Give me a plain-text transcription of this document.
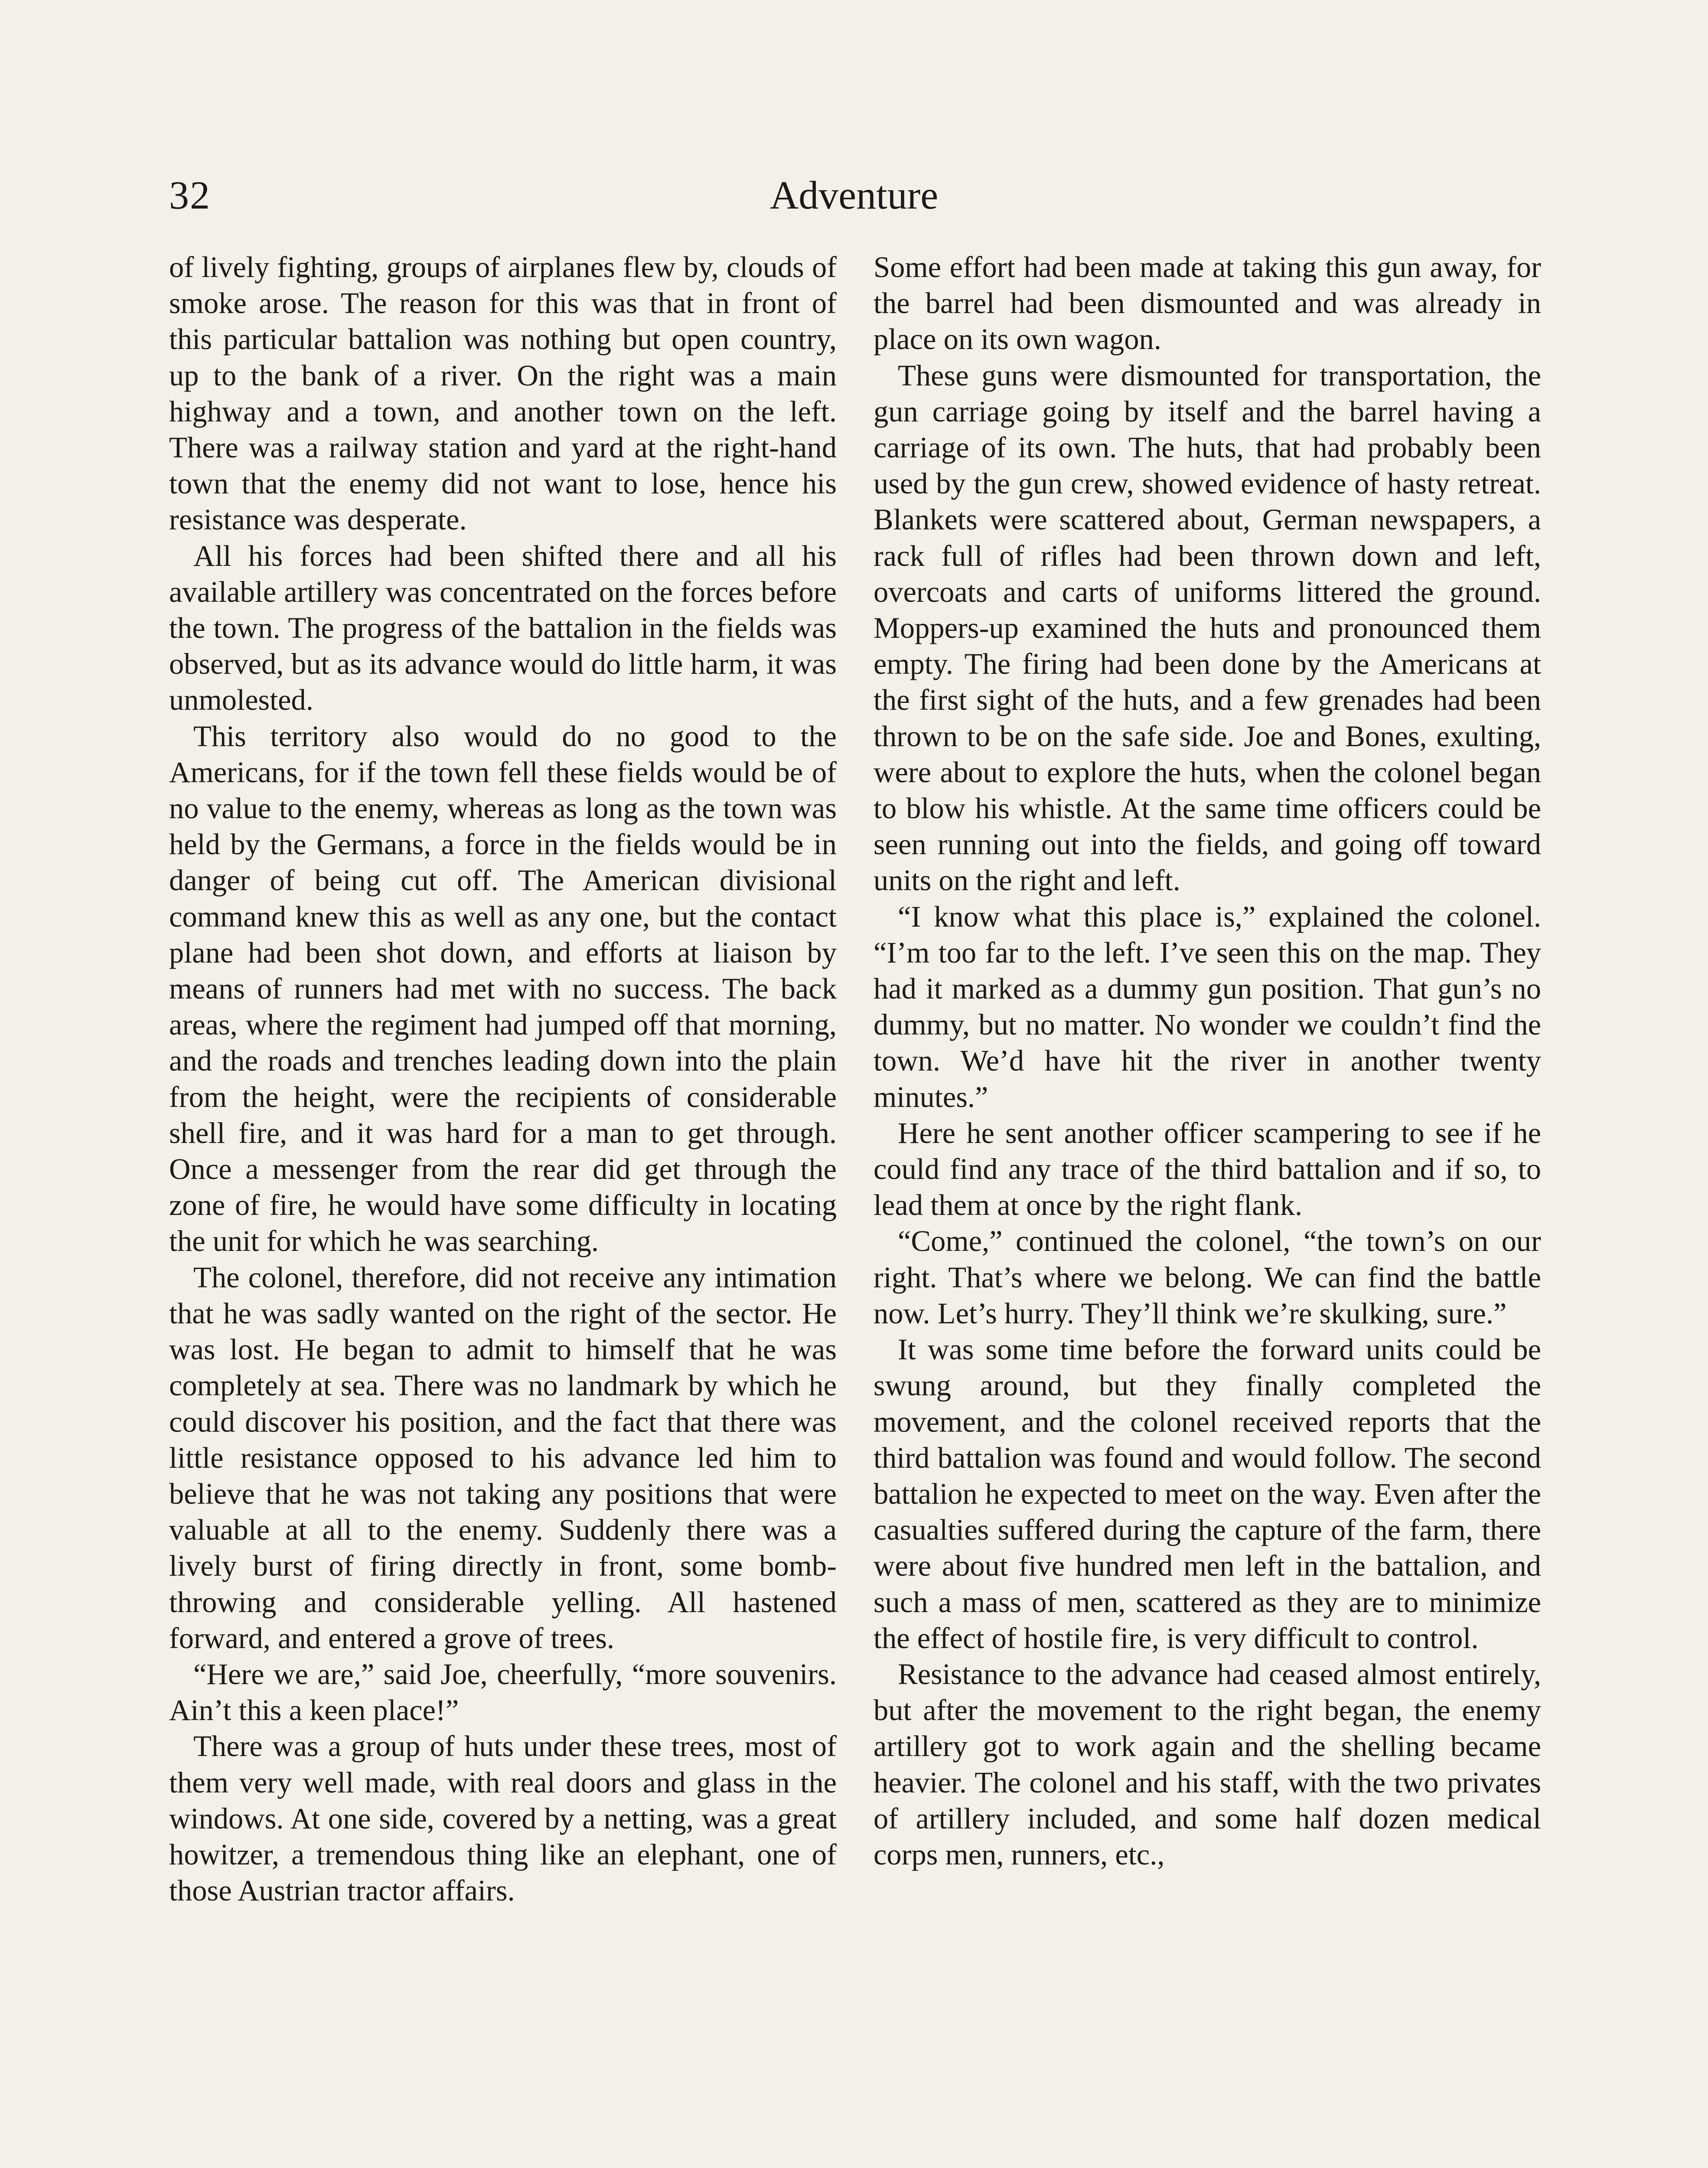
32	Adventure

of lively fighting, groups of airplanes flew by, clouds of smoke arose. The reason for this was that in front of this particular battalion was nothing but open country, up to the bank of a river. On the right was a main highway and a town, and another town on the left. There was a railway station and yard at the right-hand town that the enemy did not want to lose, hence his resistance was desperate.

All his forces had been shifted there and all his available artillery was concentrated on the forces before the town. The progress of the battalion in the fields was observed, but as its advance would do little harm, it was unmolested.

This territory also would do no good to the Americans, for if the town fell these fields would be of no value to the enemy, whereas as long as the town was held by the Germans, a force in the fields would be in danger of being cut off. The American divisional command knew this as well as any one, but the contact plane had been shot down, and efforts at liaison by means of runners had met with no success. The back areas, where the regiment had jumped off that morning, and the roads and trenches leading down into the plain from the height, were the recipients of considerable shell fire, and it was hard for a man to get through. Once a messenger from the rear did get through the zone of fire, he would have some difficulty in locating the unit for which he was searching.

The colonel, therefore, did not receive any intimation that he was sadly wanted on the right of the sector. He was lost. He began to admit to himself that he was completely at sea. There was no landmark by which he could discover his position, and the fact that there was little resistance opposed to his advance led him to believe that he was not taking any positions that were valuable at all to the enemy. Suddenly there was a lively burst of firing directly in front, some bomb-throwing and considerable yelling. All hastened forward, and entered a grove of trees.

“Here we are,” said Joe, cheerfully, “more souvenirs. Ain’t this a keen place!”

There was a group of huts under these trees, most of them very well made, with real doors and glass in the windows. At one side, covered by a netting, was a great howitzer, a tremendous thing like an elephant, one of those Austrian tractor affairs.

Some effort had been made at taking this gun away, for the barrel had been dismounted and was already in place on its own wagon.

These guns were dismounted for transportation, the gun carriage going by itself and the barrel having a carriage of its own. The huts, that had probably been used by the gun crew, showed evidence of hasty retreat. Blankets were scattered about, German newspapers, a rack full of rifles had been thrown down and left, overcoats and carts of uniforms littered the ground. Moppers-up examined the huts and pronounced them empty. The firing had been done by the Americans at the first sight of the huts, and a few grenades had been thrown to be on the safe side. Joe and Bones, exulting, were about to explore the huts, when the colonel began to blow his whistle. At the same time officers could be seen running out into the fields, and going off toward units on the right and left.

“I know what this place is,” explained the colonel. “I’m too far to the left. I’ve seen this on the map. They had it marked as a dummy gun position. That gun’s no dummy, but no matter. No wonder we couldn’t find the town. We’d have hit the river in another twenty minutes.”

Here he sent another officer scampering to see if he could find any trace of the third battalion and if so, to lead them at once by the right flank.

“Come,” continued the colonel, “the town’s on our right. That’s where we belong. We can find the battle now. Let’s hurry. They’ll think we’re skulking, sure.”

It was some time before the forward units could be swung around, but they finally completed the movement, and the colonel received reports that the third battalion was found and would follow. The second battalion he expected to meet on the way. Even after the casualties suffered during the capture of the farm, there were about five hundred men left in the battalion, and such a mass of men, scattered as they are to minimize the effect of hostile fire, is very difficult to control.

Resistance to the advance had ceased almost entirely, but after the movement to the right began, the enemy artillery got to work again and the shelling became heavier. The colonel and his staff, with the two privates of artillery included, and some half dozen medical corps men, runners, etc.,
